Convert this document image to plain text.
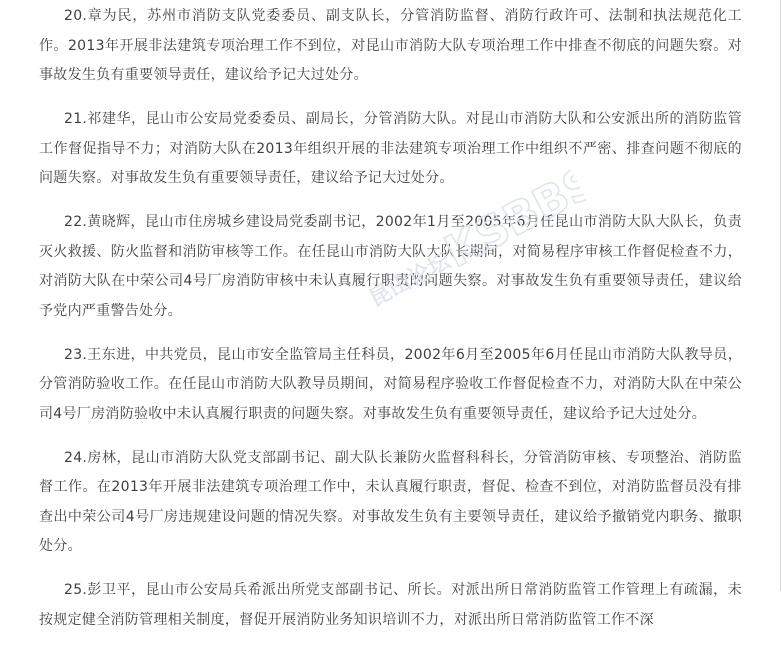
20.章为民，苏州市消防支队党委委员、副支队长，分管消防监督、消防行政许可、法制和执法规范化工作。2013年开展非法建筑专项治理工作不到位，对昆山市消防大队专项治理工作中排查不彻底的问题失察。对事故发生负有重要领导责任，建议给予记大过处分。

21.祁建华，昆山市公安局党委委员、副局长，分管消防大队。对昆山市消防大队和公安派出所的消防监管工作督促指导不力；对消防大队在2013年组织开展的非法建筑专项治理工作中组织不严密、排查问题不彻底的问题失察。对事故发生负有重要领导责任，建议给予记大过处分。

22.黄晓辉，昆山市住房城乡建设局党委副书记，2002年1月至2005年6月任昆山市消防大队大队长，负责灭火救援、防火监督和消防审核等工作。在任昆山市消防大队大队长期间，对简易程序审核工作督促检查不力，对消防大队在中荣公司4号厂房消防审核中未认真履行职责的问题失察。对事故发生负有重要领导责任，建议给予党内严重警告处分。

23.王东进，中共党员，昆山市安全监管局主任科员，2002年6月至2005年6月任昆山市消防大队教导员，分管消防验收工作。在任昆山市消防大队教导员期间，对简易程序验收工作督促检查不力，对消防大队在中荣公司4号厂房消防验收中未认真履行职责的问题失察。对事故发生负有重要领导责任，建议给予记大过处分。

24.房林，昆山市消防大队党支部副书记、副大队长兼防火监督科科长，分管消防审核、专项整治、消防监督工作。在2013年开展非法建筑专项治理工作中，未认真履行职责，督促、检查不到位，对消防监督员没有排查出中荣公司4号厂房违规建设问题的情况失察。对事故发生负有主要领导责任，建议给予撤销党内职务、撤职处分。

25.彭卫平，昆山市公安局兵希派出所党支部副书记、所长。对派出所日常消防监管工作管理上有疏漏，未按规定健全消防管理相关制度，督促开展消防业务知识培训不力，对派出所日常消防监管工作不深

昆山论坛
KSBBS
